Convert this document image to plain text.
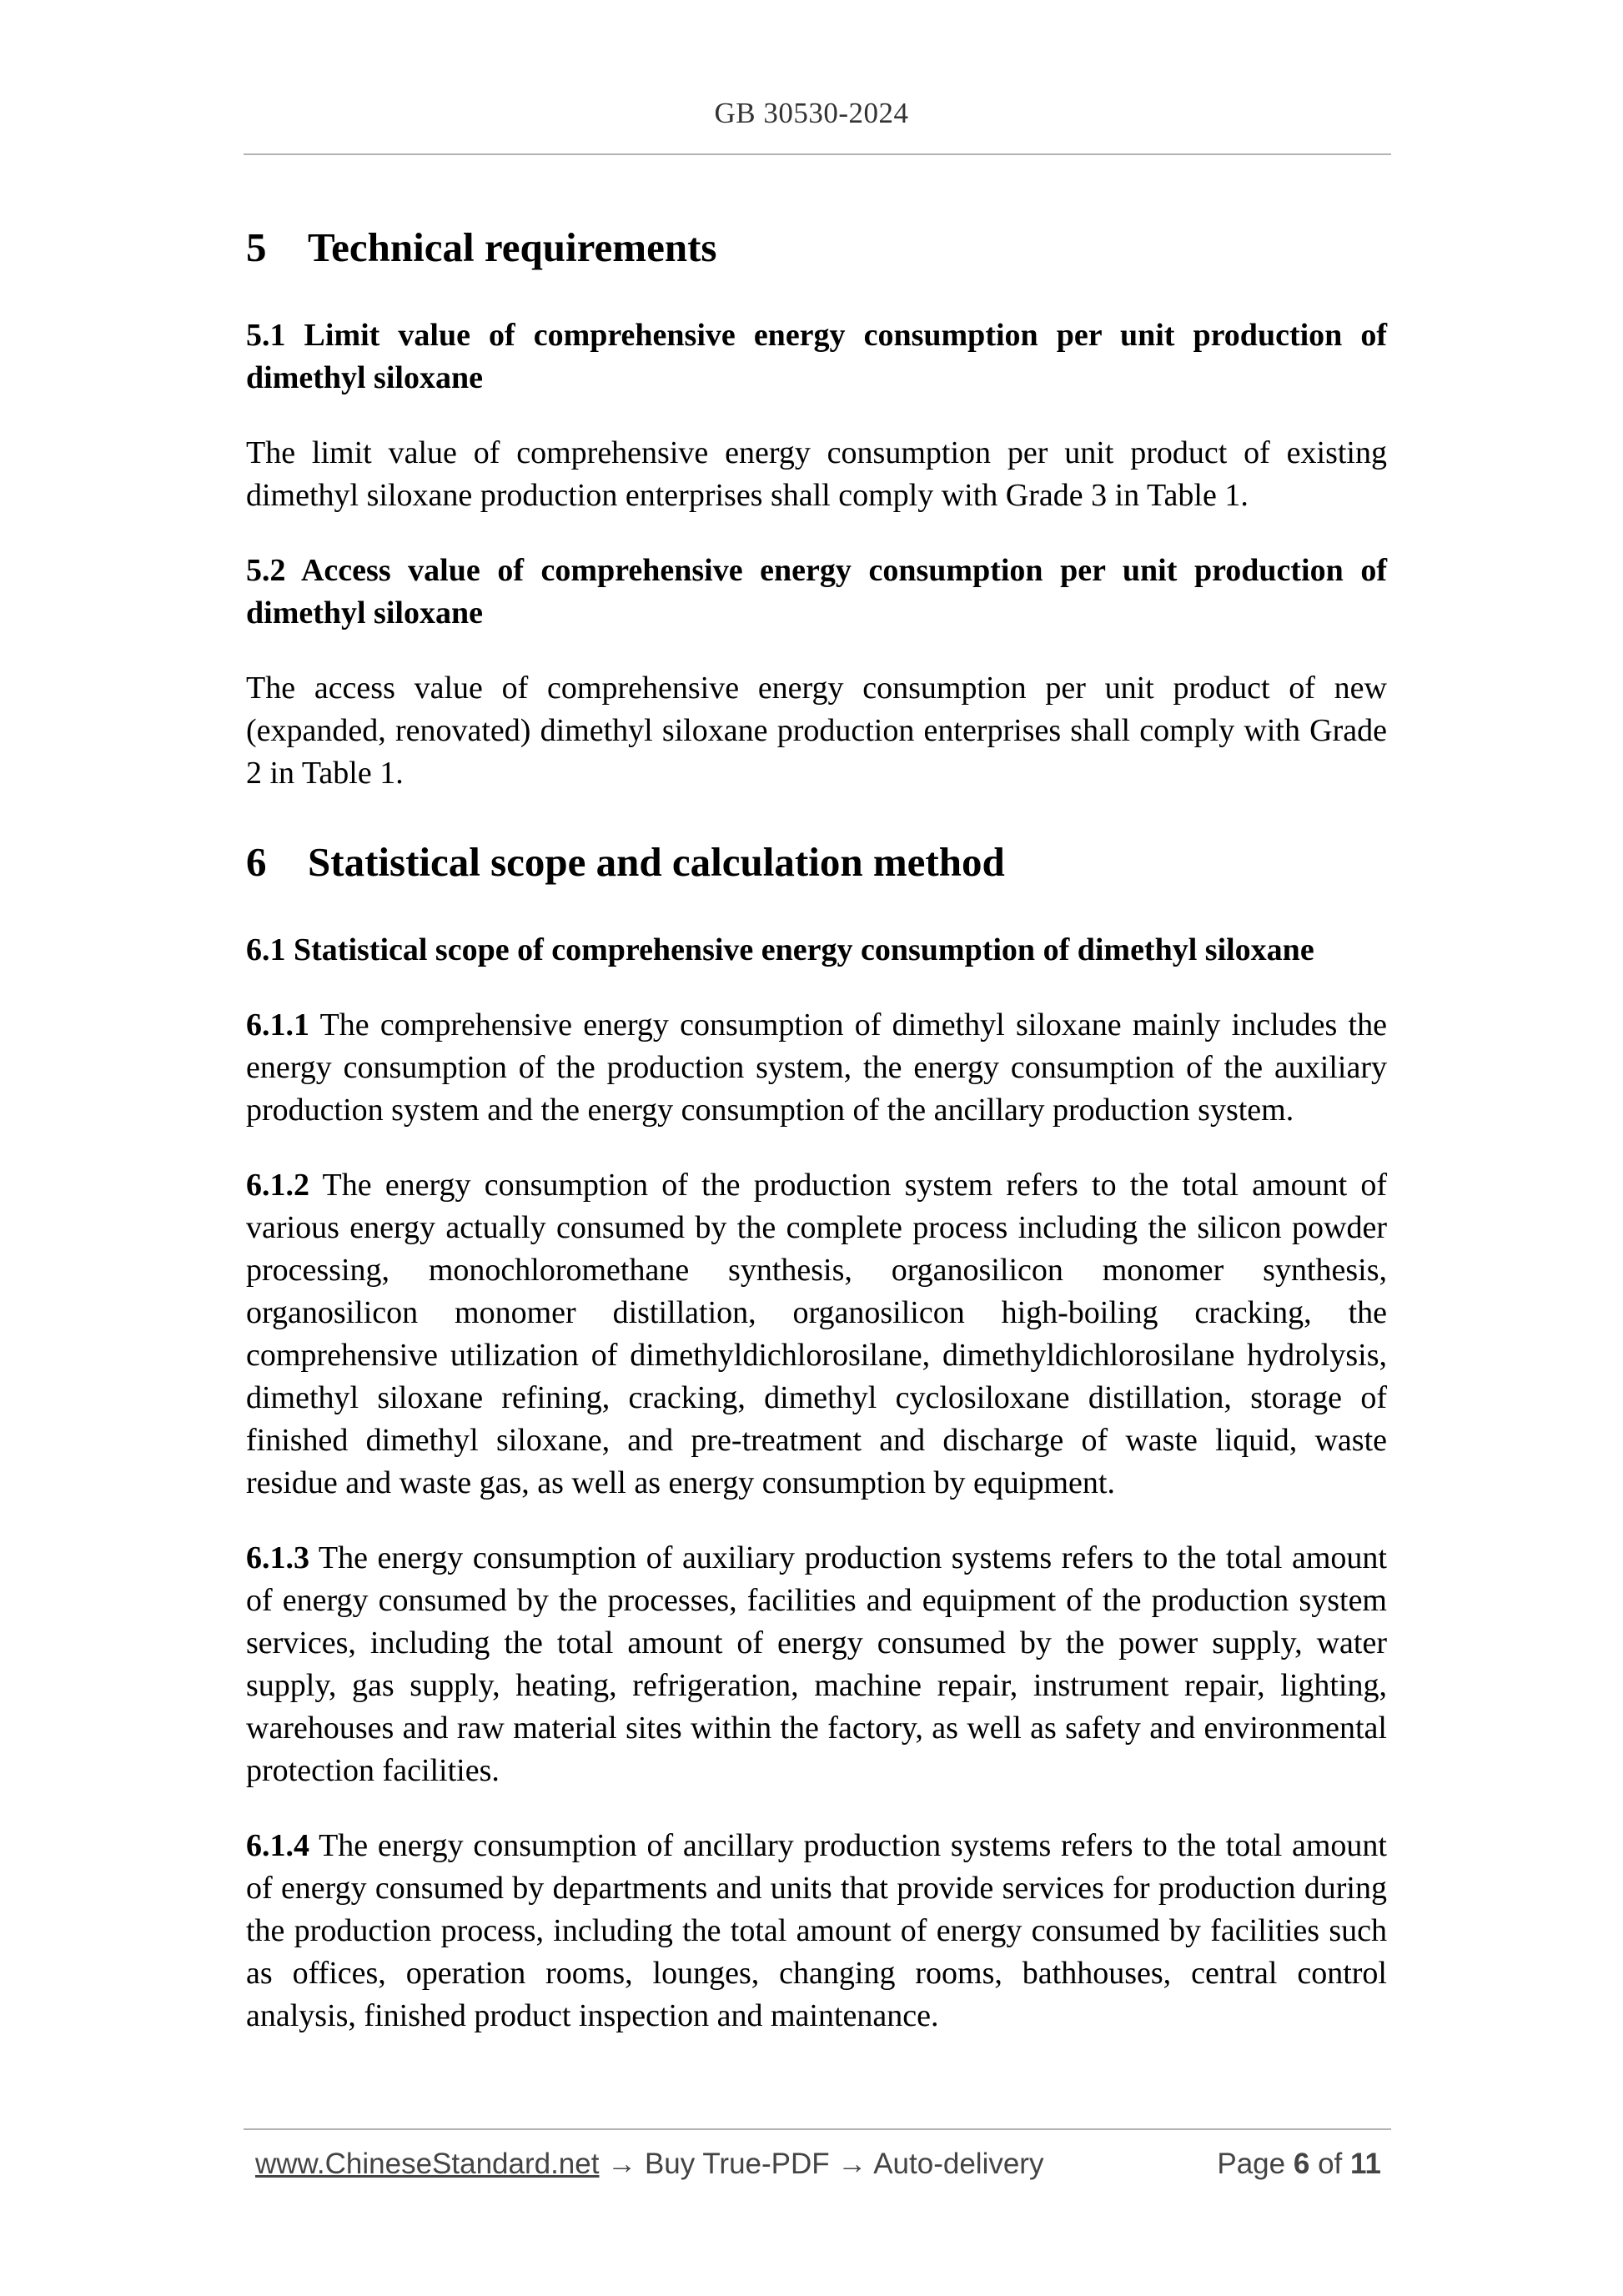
GB 30530-2024
5 Technical requirements
5.1 Limit value of comprehensive energy consumption per unit production of dimethyl siloxane

The limit value of comprehensive energy consumption per unit product of existing dimethyl siloxane production enterprises shall comply with Grade 3 in Table 1.

5.2 Access value of comprehensive energy consumption per unit production of dimethyl siloxane

The access value of comprehensive energy consumption per unit product of new (expanded, renovated) dimethyl siloxane production enterprises shall comply with Grade 2 in Table 1.

6 Statistical scope and calculation method
6.1 Statistical scope of comprehensive energy consumption of dimethyl siloxane

6.1.1 The comprehensive energy consumption of dimethyl siloxane mainly includes the energy consumption of the production system, the energy consumption of the auxiliary production system and the energy consumption of the ancillary production system.

6.1.2 The energy consumption of the production system refers to the total amount of various energy actually consumed by the complete process including the silicon powder processing, monochloromethane synthesis, organosilicon monomer synthesis, organosilicon monomer distillation, organosilicon high-boiling cracking, the comprehensive utilization of dimethyldichlorosilane, dimethyldichlorosilane hydrolysis, dimethyl siloxane refining, cracking, dimethyl cyclosiloxane distillation, storage of finished dimethyl siloxane, and pre-treatment and discharge of waste liquid, waste residue and waste gas, as well as energy consumption by equipment.

6.1.3 The energy consumption of auxiliary production systems refers to the total amount of energy consumed by the processes, facilities and equipment of the production system services, including the total amount of energy consumed by the power supply, water supply, gas supply, heating, refrigeration, machine repair, instrument repair, lighting, warehouses and raw material sites within the factory, as well as safety and environmental protection facilities.

6.1.4 The energy consumption of ancillary production systems refers to the total amount of energy consumed by departments and units that provide services for production during the production process, including the total amount of energy consumed by facilities such as offices, operation rooms, lounges, changing rooms, bathhouses, central control analysis, finished product inspection and maintenance.

www.ChineseStandard.net → Buy True-PDF → Auto-delivery	Page 6 of 11
